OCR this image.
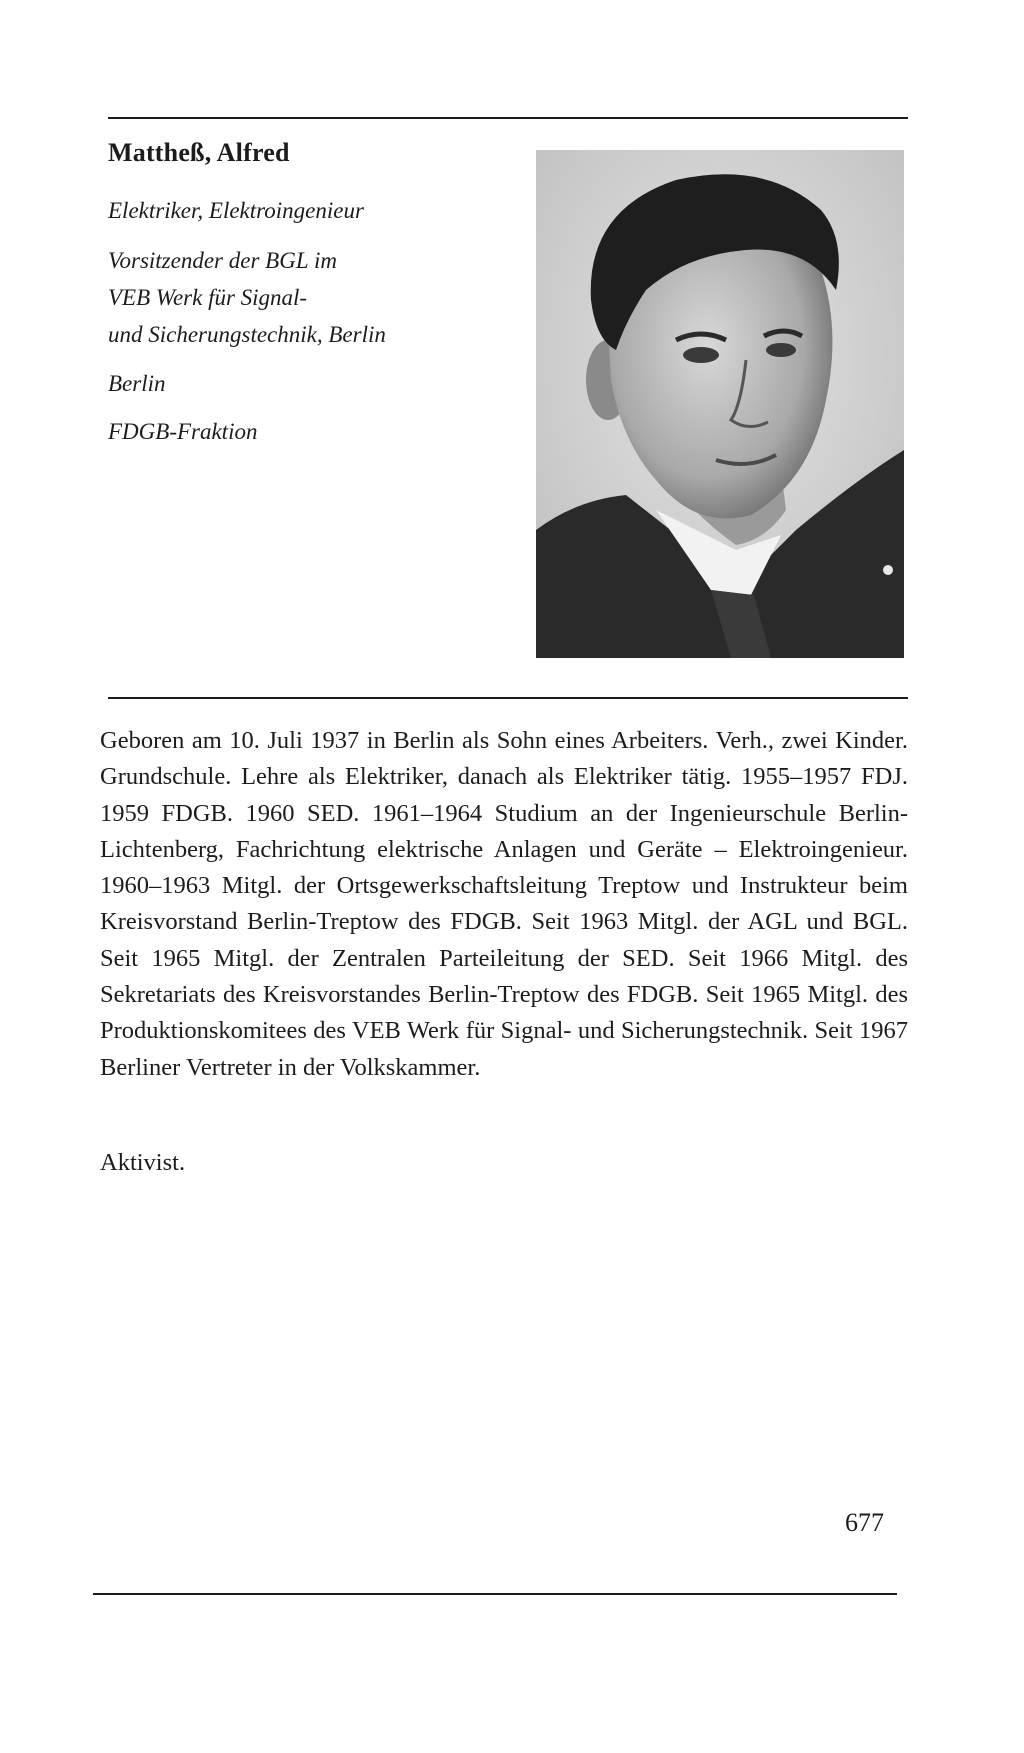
Mattheß, Alfred
Elektriker, Elektroingenieur
Vorsitzender der BGL im
VEB Werk für Signal-
und Sicherungstechnik, Berlin
Berlin
FDGB-Fraktion

Geboren am 10. Juli 1937 in Berlin als Sohn eines Arbeiters. Verh., zwei Kinder. Grundschule. Lehre als Elektriker, danach als Elektriker tätig. 1955–1957 FDJ. 1959 FDGB. 1960 SED. 1961–1964 Studium an der Ingenieurschule Berlin-Lichtenberg, Fachrichtung elektrische Anlagen und Geräte – Elektroingenieur. 1960–1963 Mitgl. der Ortsgewerkschaftsleitung Treptow und Instrukteur beim Kreisvorstand Berlin-Treptow des FDGB. Seit 1963 Mitgl. der AGL und BGL. Seit 1965 Mitgl. der Zentralen Parteileitung der SED. Seit 1966 Mitgl. des Sekretariats des Kreisvorstandes Berlin-Treptow des FDGB. Seit 1965 Mitgl. des Produktionskomitees des VEB Werk für Signal- und Sicherungstechnik. Seit 1967 Berliner Vertreter in der Volkskammer.

Aktivist.
677
